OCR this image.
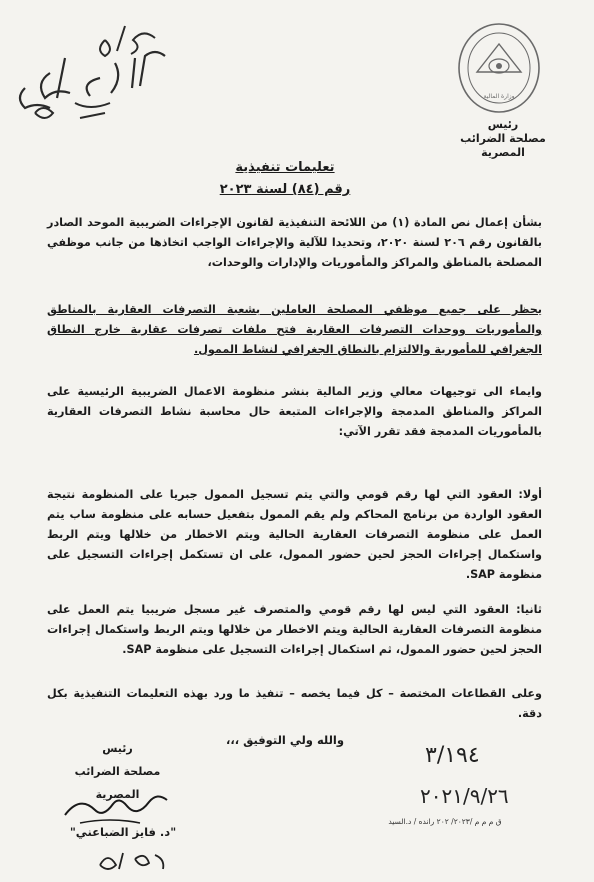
وزارة المالية
رئيس
مصلحة الضرائب المصرية
تعليمات تنفيذية
رقم (٨٤) لسنة ٢٠٢٣
بشأن إعمال نص المادة (١) من اللائحة التنفيذية لقانون الإجراءات الضريبية الموحد الصادر بالقانون رقم ٢٠٦ لسنة ٢٠٢٠، وتحديدا للآلية والإجراءات الواجب اتخاذها من جانب موظفي المصلحة بالمناطق والمراكز والمأموريات والإدارات والوحدات،
يحظر على جميع موظفي المصلحة العاملين بشعبة التصرفات العقارية بالمناطق والمأموريات ووحدات التصرفات العقارية فتح ملفات تصرفات عقارية خارج النطاق الجغرافي للمأمورية والالتزام بالنطاق الجغرافي لنشاط الممول.
وايماء الى توجيهات معالي وزير المالية بنشر منظومة الاعمال الضريبية الرئيسية على المراكز والمناطق المدمجة والإجراءات المتبعة حال محاسبة نشاط التصرفات العقارية بالمأموريات المدمجة فقد تقرر الآتي:
أولا: العقود التي لها رقم قومي والتي يتم تسجيل الممول جبريا على المنظومة نتيجة العقود الواردة من برنامج المحاكم ولم يقم الممول بتفعيل حسابه على منظومة ساب يتم العمل على منظومة التصرفات العقارية الحالية ويتم الاخطار من خلالها ويتم الربط واستكمال إجراءات الحجز لحين حضور الممول، على ان تستكمل إجراءات التسجيل على منظومة SAP.
ثانيا: العقود التي ليس لها رقم قومي والمتصرف غير مسجل ضريبيا يتم العمل على منظومة التصرفات العقارية الحالية ويتم الاخطار من خلالها ويتم الربط واستكمال إجراءات الحجز لحين حضور الممول، ثم استكمال إجراءات التسجيل على منظومة SAP.
وعلى القطاعات المختصة – كل فيما يخصه – تنفيذ ما ورد بهذه التعليمات التنفيذية بكل دقة.
والله ولي التوفيق ،،،
رئيس
مصلحة الضرائب المصرية
"د. فايز الضباعني"
٣/١٩٤
٢٠٢١/٩/٢٦
ق م م م /٢٠٢٣/ ٢٠٢ رانده / د.السيد
